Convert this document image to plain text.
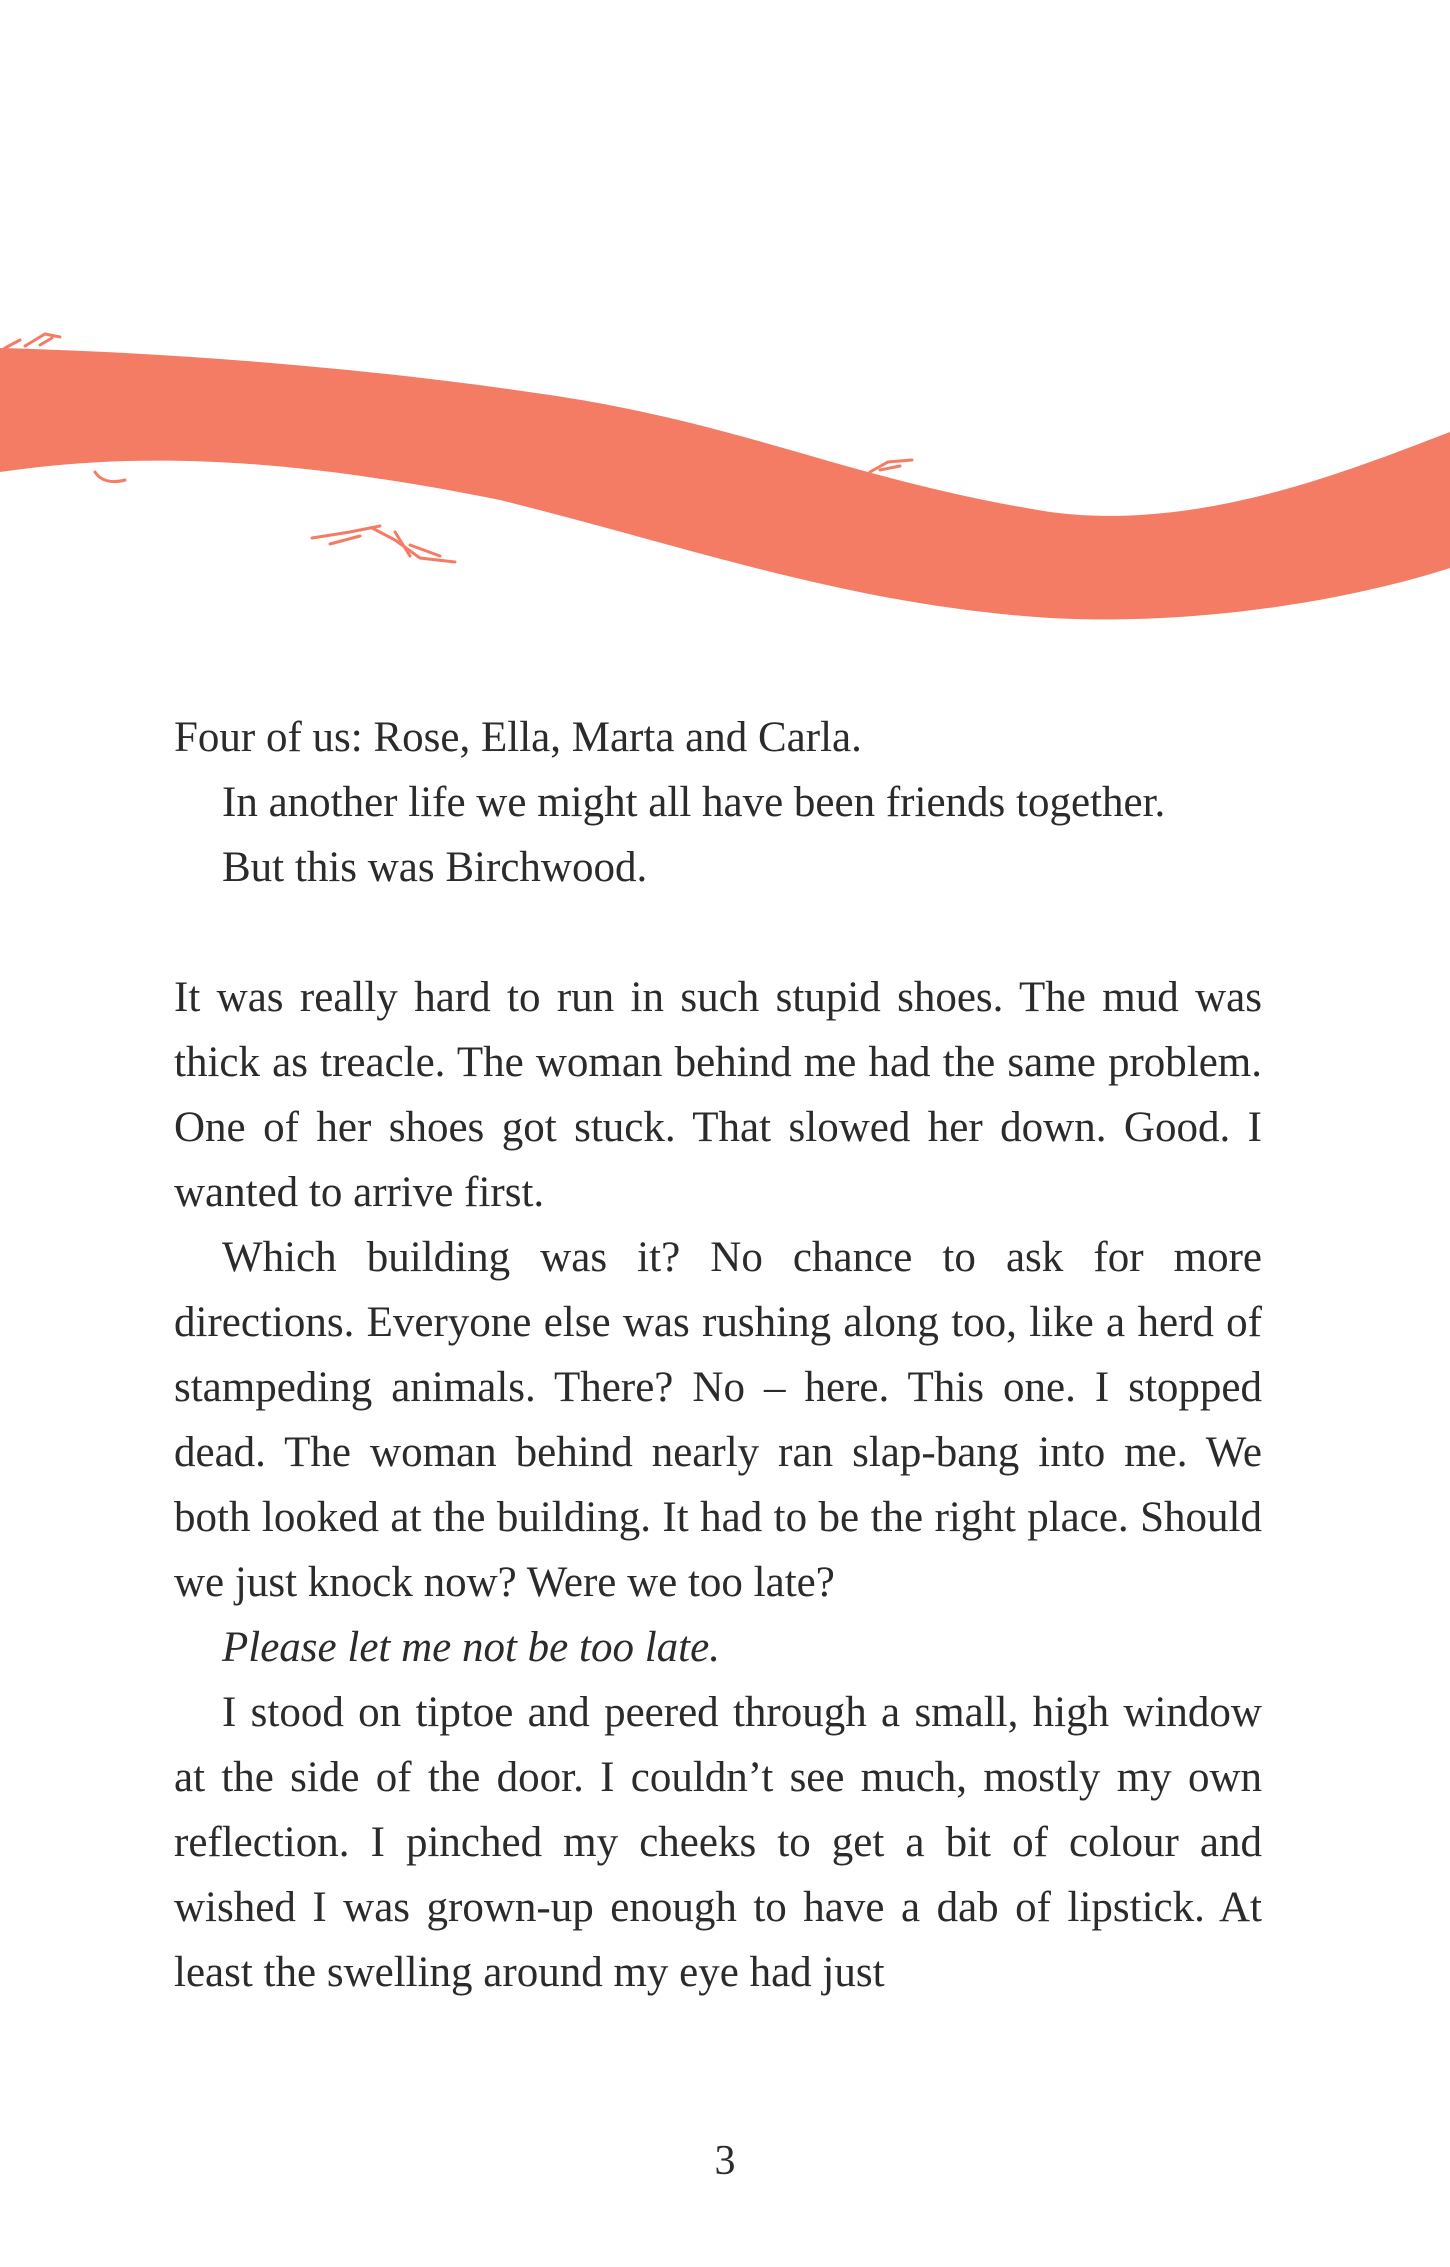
Four of us: Rose, Ella, Marta and Carla.

In another life we might all have been friends together.

But this was Birchwood.

It was really hard to run in such stupid shoes. The mud was thick as treacle. The woman behind me had the same problem. One of her shoes got stuck. That slowed her down. Good. I wanted to arrive first.

Which building was it? No chance to ask for more directions. Everyone else was rushing along too, like a herd of stampeding animals. There? No – here. This one. I stopped dead. The woman behind nearly ran slap-bang into me. We both looked at the building. It had to be the right place. Should we just knock now? Were we too late?

Please let me not be too late.

I stood on tiptoe and peered through a small, high window at the side of the door. I couldn’t see much, mostly my own reflection. I pinched my cheeks to get a bit of colour and wished I was grown-up enough to have a dab of lipstick. At least the swelling around my eye had just

3
